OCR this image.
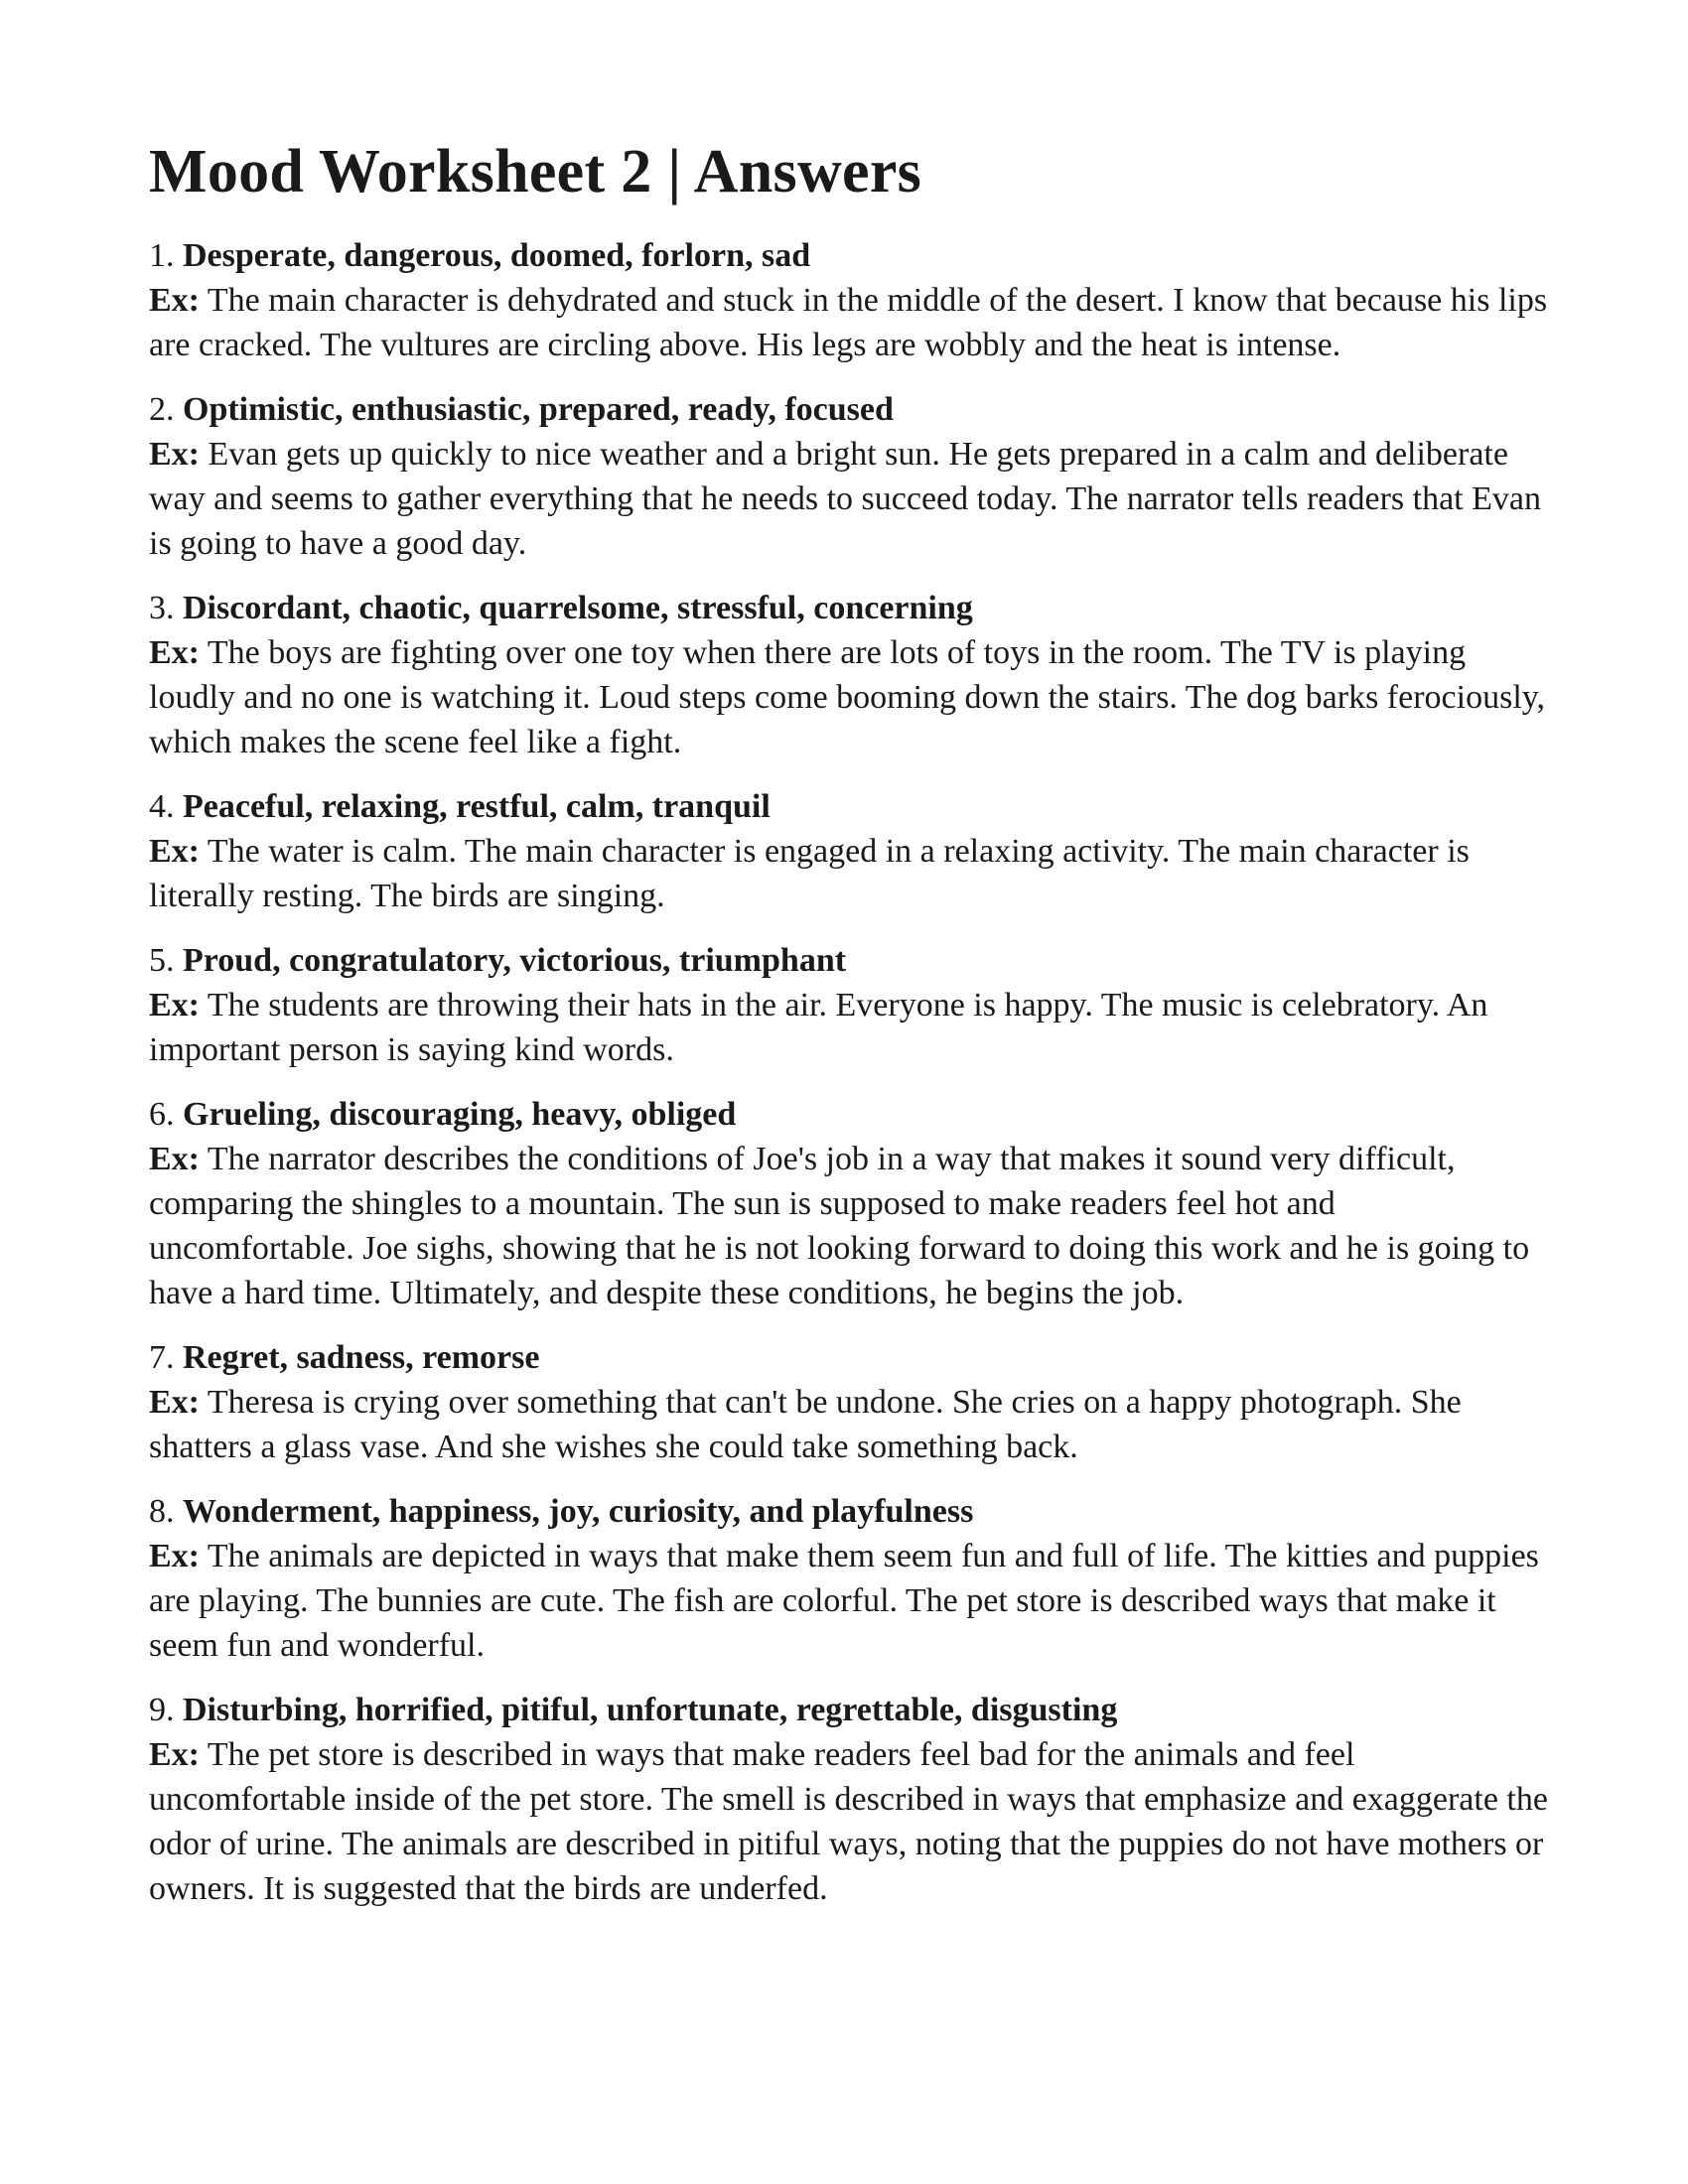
Mood Worksheet 2 | Answers
1. Desperate, dangerous, doomed, forlorn, sad
Ex: The main character is dehydrated and stuck in the middle of the desert. I know that because his lips are cracked. The vultures are circling above. His legs are wobbly and the heat is intense.
2. Optimistic, enthusiastic, prepared, ready, focused
Ex: Evan gets up quickly to nice weather and a bright sun. He gets prepared in a calm and deliberate way and seems to gather everything that he needs to succeed today. The narrator tells readers that Evan is going to have a good day.
3. Discordant, chaotic, quarrelsome, stressful, concerning
Ex: The boys are fighting over one toy when there are lots of toys in the room. The TV is playing loudly and no one is watching it. Loud steps come booming down the stairs. The dog barks ferociously, which makes the scene feel like a fight.
4. Peaceful, relaxing, restful, calm, tranquil
Ex: The water is calm. The main character is engaged in a relaxing activity. The main character is literally resting. The birds are singing.
5. Proud, congratulatory, victorious, triumphant
Ex: The students are throwing their hats in the air. Everyone is happy. The music is celebratory. An important person is saying kind words.
6. Grueling, discouraging, heavy, obliged
Ex: The narrator describes the conditions of Joe's job in a way that makes it sound very difficult, comparing the shingles to a mountain. The sun is supposed to make readers feel hot and uncomfortable. Joe sighs, showing that he is not looking forward to doing this work and he is going to have a hard time. Ultimately, and despite these conditions, he begins the job.
7. Regret, sadness, remorse
Ex: Theresa is crying over something that can't be undone. She cries on a happy photograph. She shatters a glass vase. And she wishes she could take something back.
8. Wonderment, happiness, joy, curiosity, and playfulness
Ex: The animals are depicted in ways that make them seem fun and full of life. The kitties and puppies are playing. The bunnies are cute. The fish are colorful. The pet store is described ways that make it seem fun and wonderful.
9. Disturbing, horrified, pitiful, unfortunate, regrettable, disgusting
Ex: The pet store is described in ways that make readers feel bad for the animals and feel uncomfortable inside of the pet store. The smell is described in ways that emphasize and exaggerate the odor of urine. The animals are described in pitiful ways, noting that the puppies do not have mothers or owners. It is suggested that the birds are underfed.
